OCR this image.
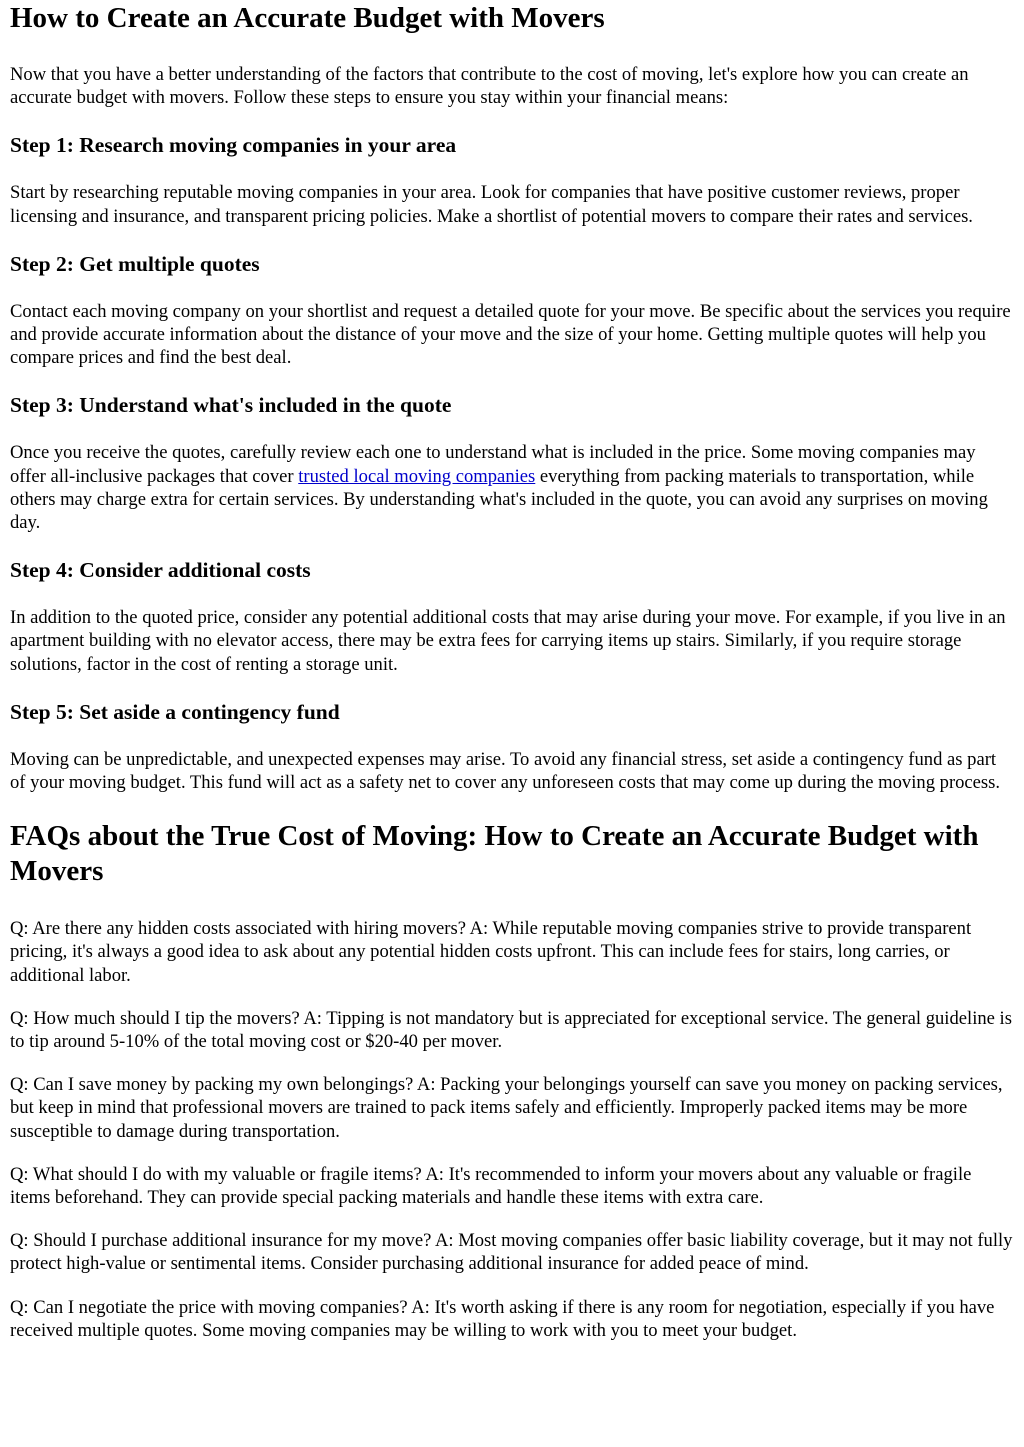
How to Create an Accurate Budget with Movers

Now that you have a better understanding of the factors that contribute to the cost of moving, let's explore how you can create an accurate budget with movers. Follow these steps to ensure you stay within your financial means:

Step 1: Research moving companies in your area

Start by researching reputable moving companies in your area. Look for companies that have positive customer reviews, proper licensing and insurance, and transparent pricing policies. Make a shortlist of potential movers to compare their rates and services.

Step 2: Get multiple quotes

Contact each moving company on your shortlist and request a detailed quote for your move. Be specific about the services you require and provide accurate information about the distance of your move and the size of your home. Getting multiple quotes will help you compare prices and find the best deal.

Step 3: Understand what's included in the quote

Once you receive the quotes, carefully review each one to understand what is included in the price. Some moving companies may offer all-inclusive packages that cover trusted local moving companies everything from packing materials to transportation, while others may charge extra for certain services. By understanding what's included in the quote, you can avoid any surprises on moving day.

Step 4: Consider additional costs

In addition to the quoted price, consider any potential additional costs that may arise during your move. For example, if you live in an apartment building with no elevator access, there may be extra fees for carrying items up stairs. Similarly, if you require storage solutions, factor in the cost of renting a storage unit.

Step 5: Set aside a contingency fund

Moving can be unpredictable, and unexpected expenses may arise. To avoid any financial stress, set aside a contingency fund as part of your moving budget. This fund will act as a safety net to cover any unforeseen costs that may come up during the moving process.

FAQs about the True Cost of Moving: How to Create an Accurate Budget with Movers

Q: Are there any hidden costs associated with hiring movers? A: While reputable moving companies strive to provide transparent pricing, it's always a good idea to ask about any potential hidden costs upfront. This can include fees for stairs, long carries, or additional labor.

Q: How much should I tip the movers? A: Tipping is not mandatory but is appreciated for exceptional service. The general guideline is to tip around 5-10% of the total moving cost or $20-40 per mover.

Q: Can I save money by packing my own belongings? A: Packing your belongings yourself can save you money on packing services, but keep in mind that professional movers are trained to pack items safely and efficiently. Improperly packed items may be more susceptible to damage during transportation.

Q: What should I do with my valuable or fragile items? A: It's recommended to inform your movers about any valuable or fragile items beforehand. They can provide special packing materials and handle these items with extra care.

Q: Should I purchase additional insurance for my move? A: Most moving companies offer basic liability coverage, but it may not fully protect high-value or sentimental items. Consider purchasing additional insurance for added peace of mind.

Q: Can I negotiate the price with moving companies? A: It's worth asking if there is any room for negotiation, especially if you have received multiple quotes. Some moving companies may be willing to work with you to meet your budget.
